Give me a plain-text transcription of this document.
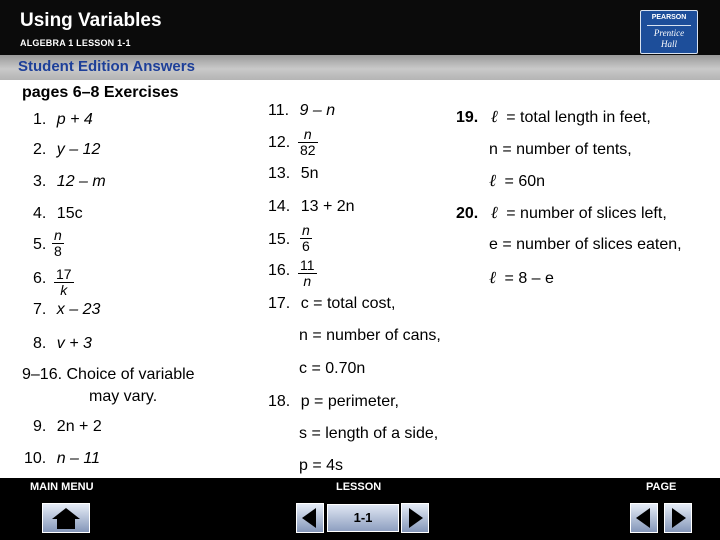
Using Variables
ALGEBRA 1 LESSON 1-1
PEARSON
Prentice
Hall
Student Edition Answers
pages 6–8 Exercises
1. p + 4
2. y – 12
3. 12 – m
4. 15c
5. $\frac{n}{8}$
6. $\frac{17}{k}$
7. x – 23
8. v + 3
9–16. Choice of variable
may vary.
9. 2n + 2
10. n – 11
11. 9 – n
12. $\frac{n}{82}$
13. 5n
14. 13 + 2n
15. $\frac{n}{6}$
16. $\frac{11}{n}$
17. c = total cost,
n = number of cans,
c = 0.70n
18. p = perimeter,
s = length of a side,
p = 4s
19. ℓ = total length in feet,
n = number of tents,
ℓ = 60n
20. ℓ = number of slices left,
e = number of slices eaten,
ℓ = 8 – e
MAIN MENU	LESSON	PAGE
1-1
